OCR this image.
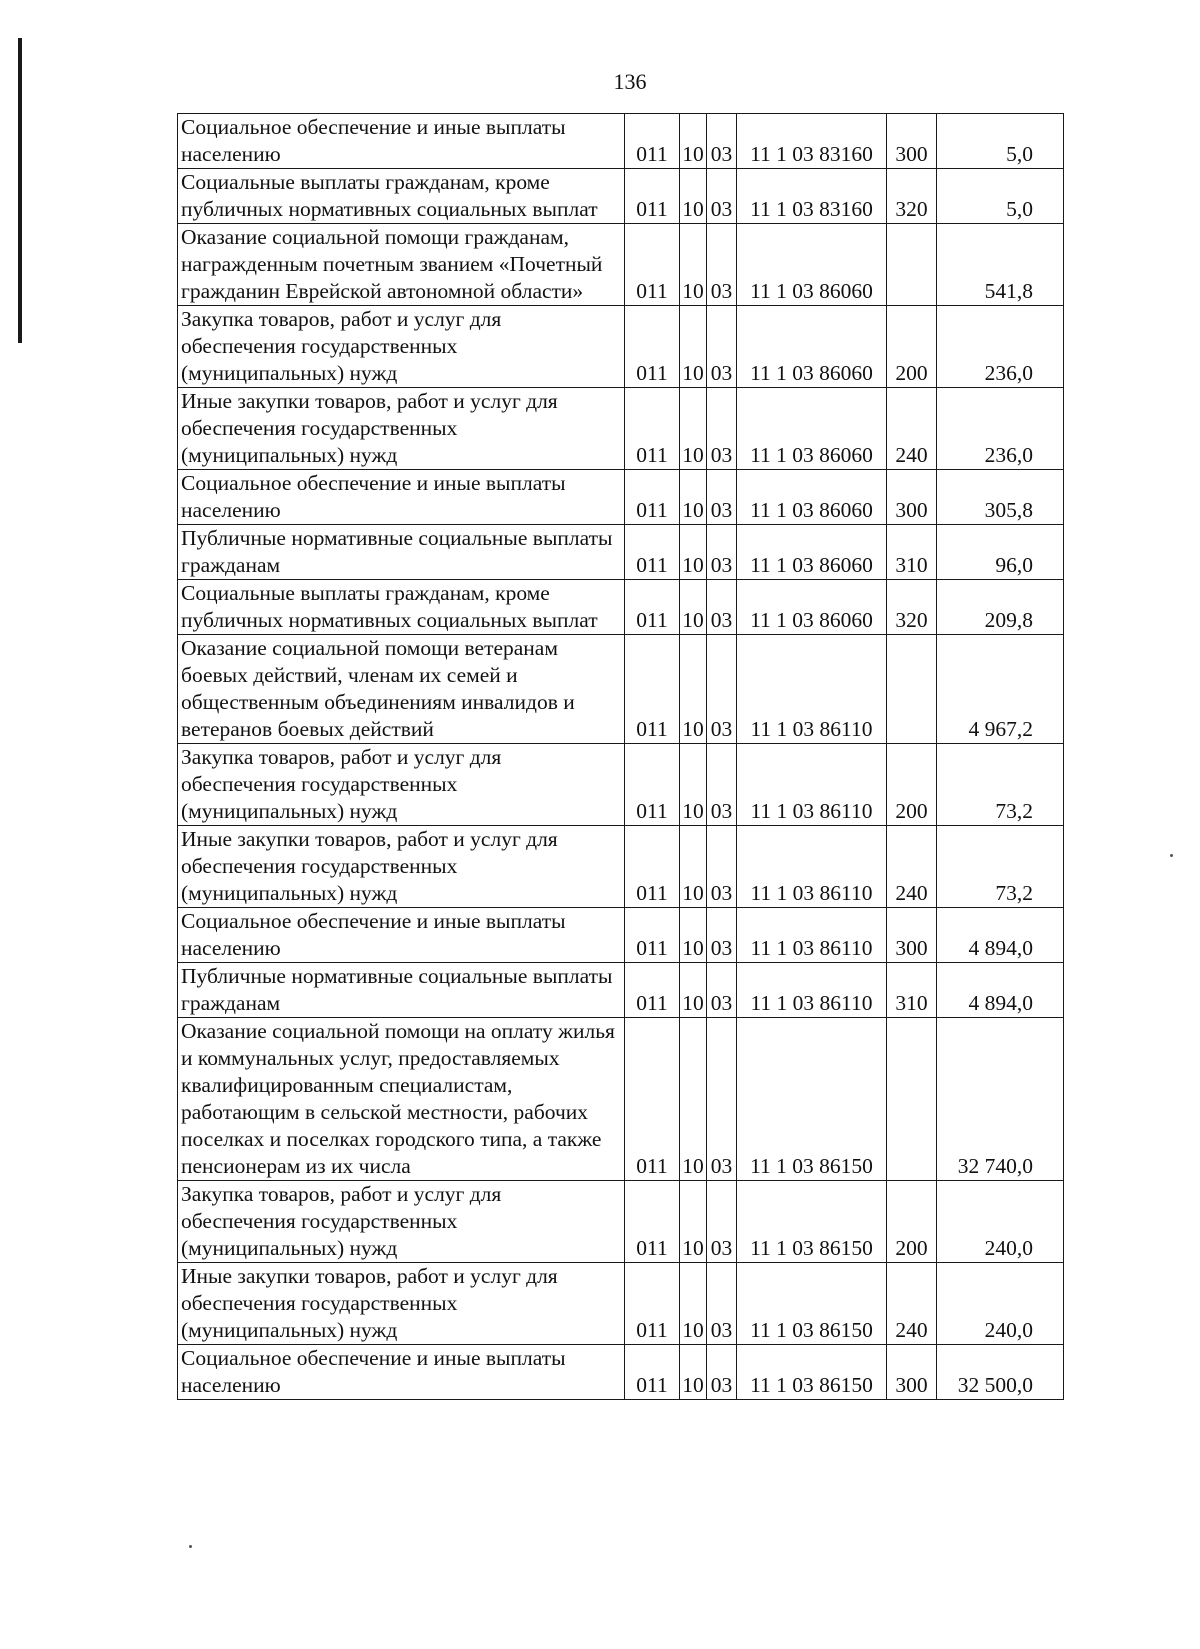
136
Социальное обеспечение и иные выплаты населению	011	10	03	11 1 03 83160	300	5,0
Социальные выплаты гражданам, кроме публичных нормативных социальных выплат	011	10	03	11 1 03 83160	320	5,0
Оказание социальной помощи гражданам, награжденным почетным званием «Почетный гражданин Еврейской автономной области»	011	10	03	11 1 03 86060		541,8
Закупка товаров, работ и услуг для обеспечения государственных (муниципальных) нужд	011	10	03	11 1 03 86060	200	236,0
Иные закупки товаров, работ и услуг для обеспечения государственных (муниципальных) нужд	011	10	03	11 1 03 86060	240	236,0
Социальное обеспечение и иные выплаты населению	011	10	03	11 1 03 86060	300	305,8
Публичные нормативные социальные выплаты гражданам	011	10	03	11 1 03 86060	310	96,0
Социальные выплаты гражданам, кроме публичных нормативных социальных выплат	011	10	03	11 1 03 86060	320	209,8
Оказание социальной помощи ветеранам боевых действий, членам их семей и общественным объединениям инвалидов и ветеранов боевых действий	011	10	03	11 1 03 86110		4 967,2
Закупка товаров, работ и услуг для обеспечения государственных (муниципальных) нужд	011	10	03	11 1 03 86110	200	73,2
Иные закупки товаров, работ и услуг для обеспечения государственных (муниципальных) нужд	011	10	03	11 1 03 86110	240	73,2
Социальное обеспечение и иные выплаты населению	011	10	03	11 1 03 86110	300	4 894,0
Публичные нормативные социальные выплаты гражданам	011	10	03	11 1 03 86110	310	4 894,0
Оказание социальной помощи на оплату жилья и коммунальных услуг, предоставляемых квалифицированным специалистам, работающим в сельской местности, рабочих поселках и поселках городского типа, а также пенсионерам из их числа	011	10	03	11 1 03 86150		32 740,0
Закупка товаров, работ и услуг для обеспечения государственных (муниципальных) нужд	011	10	03	11 1 03 86150	200	240,0
Иные закупки товаров, работ и услуг для обеспечения государственных (муниципальных) нужд	011	10	03	11 1 03 86150	240	240,0
Социальное обеспечение и иные выплаты населению	011	10	03	11 1 03 86150	300	32 500,0
